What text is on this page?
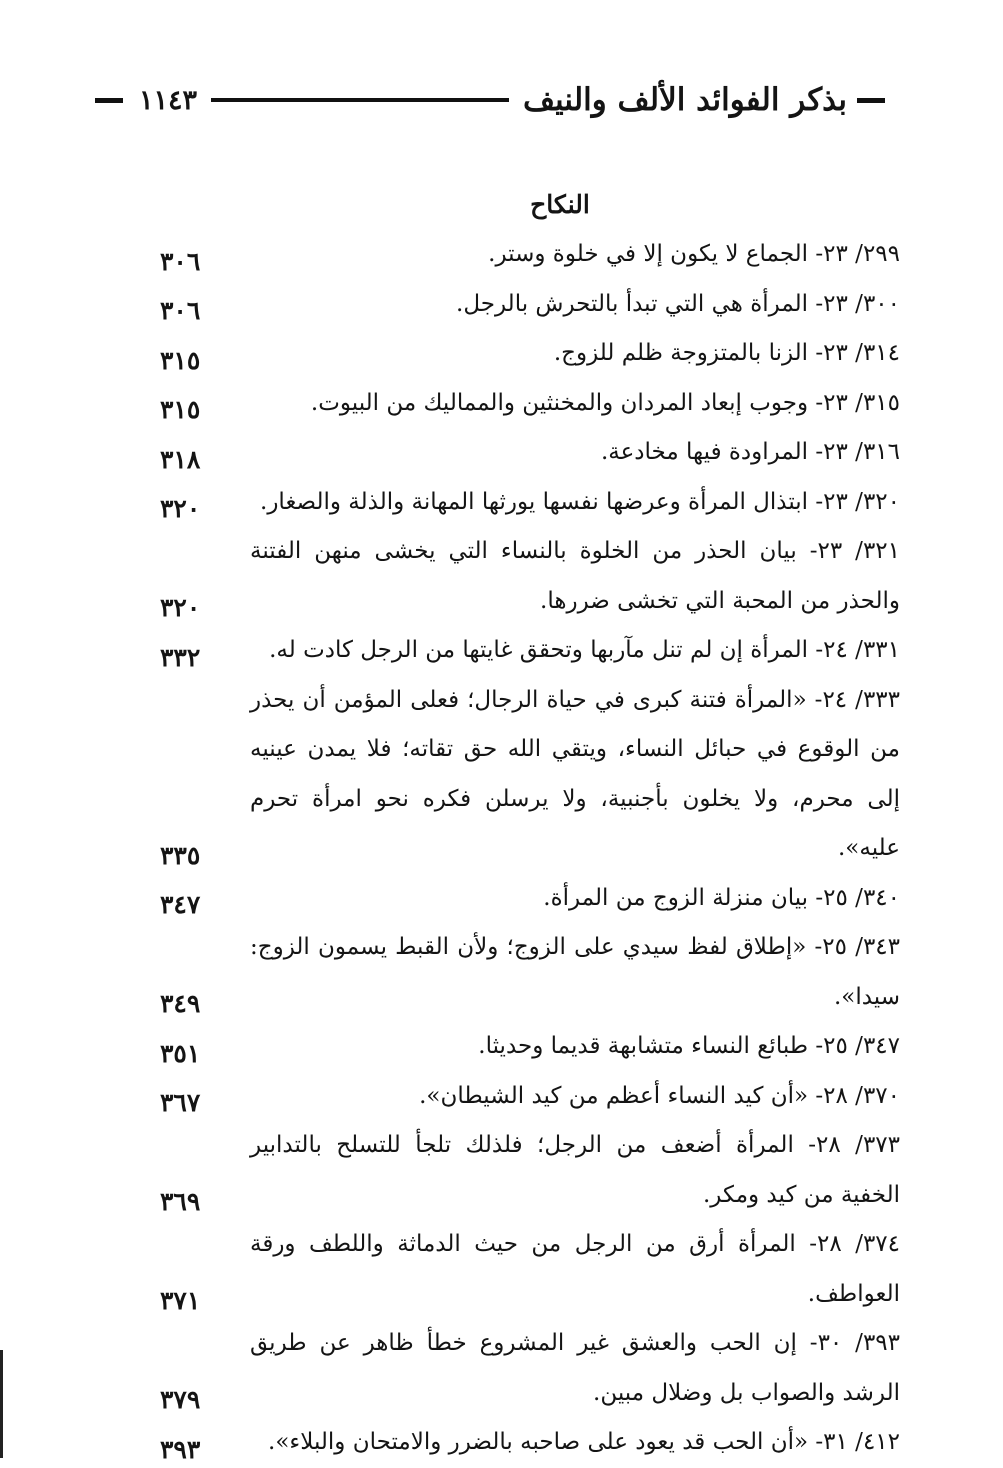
بذكر الفوائد الألف والنيف
١١٤٣
النكاح
٢٩٩/ ٢٣- الجماع لا يكون إلا في خلوة وستر.
٣٠٦
٣٠٠/ ٢٣- المرأة هي التي تبدأ بالتحرش بالرجل.
٣٠٦
٣١٤/ ٢٣- الزنا بالمتزوجة ظلم للزوج.
٣١٥
٣١٥/ ٢٣- وجوب إبعاد المردان والمخنثين والمماليك من البيوت.
٣١٥
٣١٦/ ٢٣- المراودة فيها مخادعة.
٣١٨
٣٢٠/ ٢٣- ابتذال المرأة وعرضها نفسها يورثها المهانة والذلة والصغار.
٣٢٠
٣٢١/ ٢٣- بيان الحذر من الخلوة بالنساء التي يخشى منهن الفتنة والحذر من المحبة التي تخشى ضررها.
٣٢٠
٣٣١/ ٢٤- المرأة إن لم تنل مآربها وتحقق غايتها من الرجل كادت له.
٣٣٢
٣٣٣/ ٢٤- «المرأة فتنة كبرى في حياة الرجال؛ فعلى المؤمن أن يحذر من الوقوع في حبائل النساء، ويتقي الله حق تقاته؛ فلا يمدن عينيه إلى محرم، ولا يخلون بأجنبية، ولا يرسلن فكره نحو امرأة تحرم عليه».
٣٣٥
٣٤٠/ ٢٥- بيان منزلة الزوج من المرأة.
٣٤٧
٣٤٣/ ٢٥- «إطلاق لفظ سيدي على الزوج؛ ولأن القبط يسمون الزوج: سيدا».
٣٤٩
٣٤٧/ ٢٥- طبائع النساء متشابهة قديما وحديثا.
٣٥١
٣٧٠/ ٢٨- «أن كيد النساء أعظم من كيد الشيطان».
٣٦٧
٣٧٣/ ٢٨- المرأة أضعف من الرجل؛ فلذلك تلجأ للتسلح بالتدابير الخفية من كيد ومكر.
٣٦٩
٣٧٤/ ٢٨- المرأة أرق من الرجل من حيث الدماثة واللطف ورقة العواطف.
٣٧١
٣٩٣/ ٣٠- إن الحب والعشق غير المشروع خطأ ظاهر عن طريق الرشد والصواب بل وضلال مبين.
٣٧٩
٤١٢/ ٣١- «أن الحب قد يعود على صاحبه بالضرر والامتحان والبلاء».
٣٩٣
